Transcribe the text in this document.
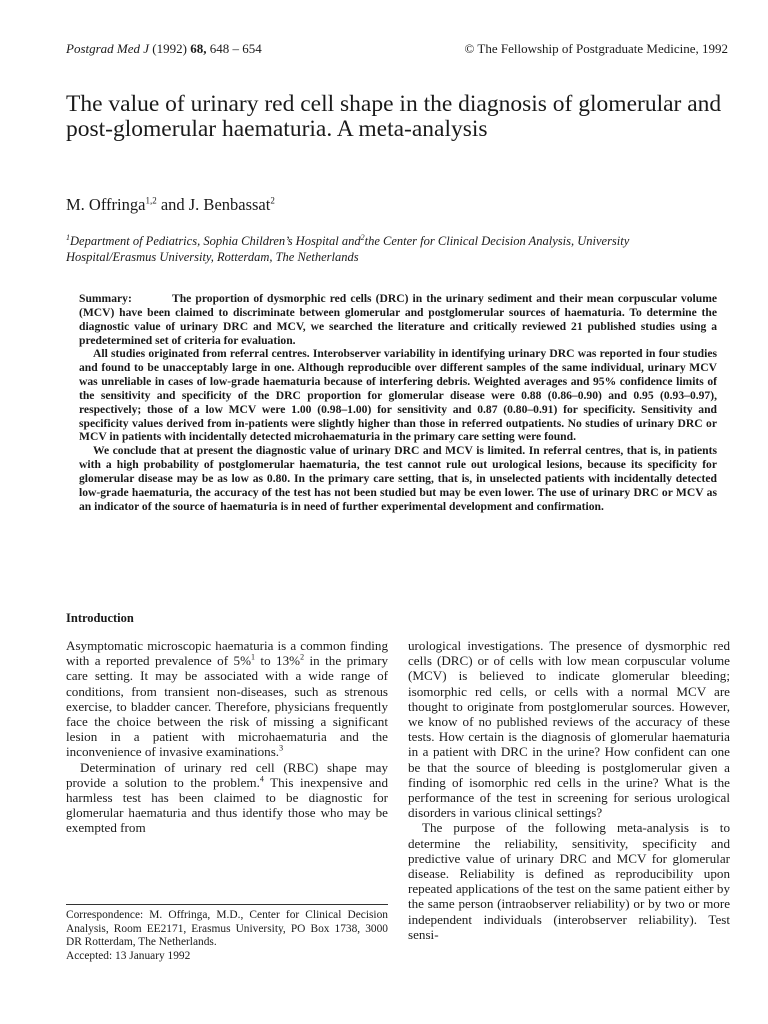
Postgrad Med J (1992) 68, 648 – 654	© The Fellowship of Postgraduate Medicine, 1992
The value of urinary red cell shape in the diagnosis of glomerular and post-glomerular haematuria. A meta-analysis
M. Offringa$^{1,2}$ and J. Benbassat$^2$
$^1$Department of Pediatrics, Sophia Children’s Hospital and$^2$the Center for Clinical Decision Analysis, University Hospital/Erasmus University, Rotterdam, The Netherlands

Summary:	The proportion of dysmorphic red cells (DRC) in the urinary sediment and their mean corpuscular volume (MCV) have been claimed to discriminate between glomerular and postglomerular sources of haematuria. To determine the diagnostic value of urinary DRC and MCV, we searched the literature and critically reviewed 21 published studies using a predetermined set of criteria for evaluation.

All studies originated from referral centres. Interobserver variability in identifying urinary DRC was reported in four studies and found to be unacceptably large in one. Although reproducible over different samples of the same individual, urinary MCV was unreliable in cases of low-grade haematuria because of interfering debris. Weighted averages and 95% confidence limits of the sensitivity and specificity of the DRC proportion for glomerular disease were 0.88 (0.86–0.90) and 0.95 (0.93–0.97), respectively; those of a low MCV were 1.00 (0.98–1.00) for sensitivity and 0.87 (0.80–0.91) for specificity. Sensitivity and specificity values derived from in-patients were slightly higher than those in referred outpatients. No studies of urinary DRC or MCV in patients with incidentally detected microhaematuria in the primary care setting were found.

We conclude that at present the diagnostic value of urinary DRC and MCV is limited. In referral centres, that is, in patients with a high probability of postglomerular haematuria, the test cannot rule out urological lesions, because its specificity for glomerular disease may be as low as 0.80. In the primary care setting, that is, in unselected patients with incidentally detected low-grade haematuria, the accuracy of the test has not been studied but may be even lower. The use of urinary DRC or MCV as an indicator of the source of haematuria is in need of further experimental development and confirmation.

Introduction

Asymptomatic microscopic haematuria is a common finding with a reported prevalence of 5%$^1$ to 13%$^2$ in the primary care setting. It may be associated with a wide range of conditions, from transient non-diseases, such as strenous exercise, to bladder cancer. Therefore, physicians frequently face the choice between the risk of missing a significant lesion in a patient with microhaematuria and the inconvenience of invasive examinations.$^3$

Determination of urinary red cell (RBC) shape may provide a solution to the problem.$^4$ This inexpensive and harmless test has been claimed to be diagnostic for glomerular haematuria and thus identify those who may be exempted from

urological investigations. The presence of dysmorphic red cells (DRC) or of cells with low mean corpuscular volume (MCV) is believed to indicate glomerular bleeding; isomorphic red cells, or cells with a normal MCV are thought to originate from postglomerular sources. However, we know of no published reviews of the accuracy of these tests. How certain is the diagnosis of glomerular haematuria in a patient with DRC in the urine? How confident can one be that the source of bleeding is postglomerular given a finding of isomorphic red cells in the urine? What is the performance of the test in screening for serious urological disorders in various clinical settings?

The purpose of the following meta-analysis is to determine the reliability, sensitivity, specificity and predictive value of urinary DRC and MCV for glomerular disease. Reliability is defined as reproducibility upon repeated applications of the test on the same patient either by the same person (intraobserver reliability) or by two or more independent individuals (interobserver reliability). Test sensi-

Correspondence: M. Offringa, M.D., Center for Clinical Decision Analysis, Room EE2171, Erasmus University, PO Box 1738, 3000 DR Rotterdam, The Netherlands.

Accepted: 13 January 1992
